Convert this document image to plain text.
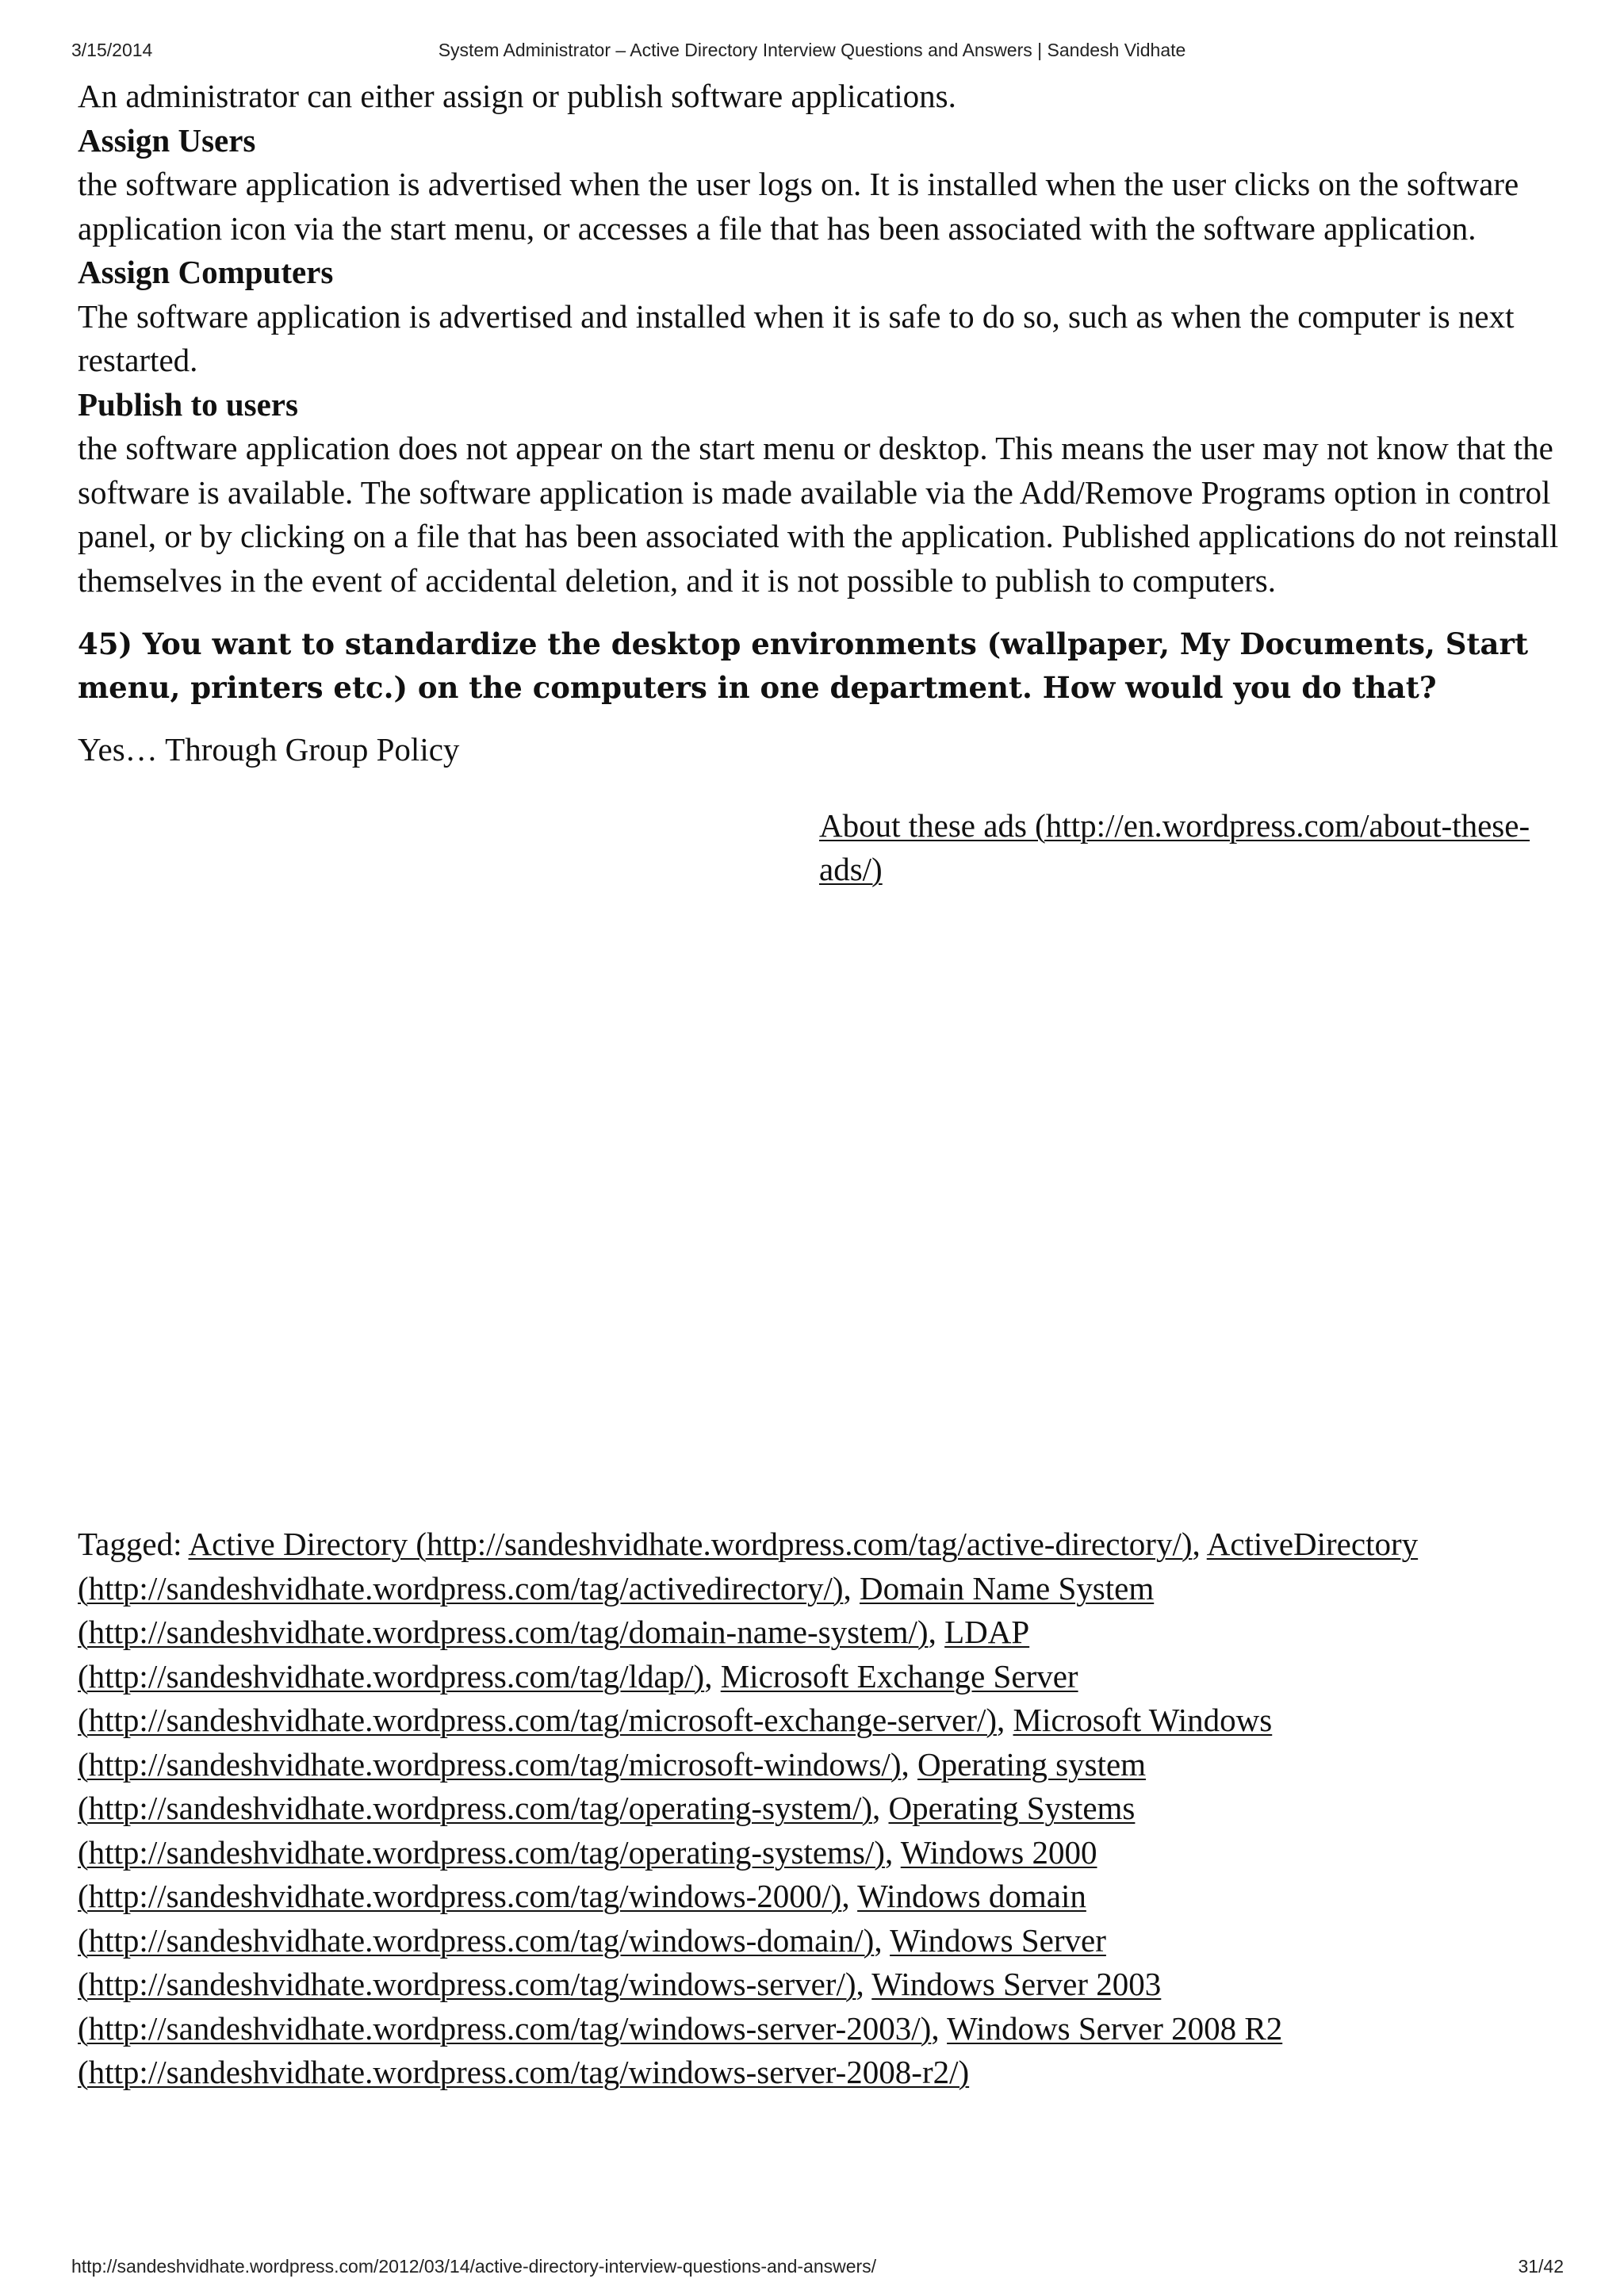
3/15/2014	System Administrator – Active Directory Interview Questions and Answers | Sandesh Vidhate

An administrator can either assign or publish software applications.

Assign Users

the software application is advertised when the user logs on. It is installed when the user clicks on the software application icon via the start menu, or accesses a file that has been associated with the software application.

Assign Computers

The software application is advertised and installed when it is safe to do so, such as when the computer is next restarted.

Publish to users

the software application does not appear on the start menu or desktop. This means the user may not know that the software is available. The software application is made available via the Add/Remove Programs option in control panel, or by clicking on a file that has been associated with the application. Published applications do not reinstall themselves in the event of accidental deletion, and it is not possible to publish to computers.

45) You want to standardize the desktop environments (wallpaper, My Documents, Start menu, printers etc.) on the computers in one department. How would you do that?

Yes… Through Group Policy

About these ads (http://en.wordpress.com/about-these-ads/)

Tagged: Active Directory (http://sandeshvidhate.wordpress.com/tag/active-directory/), ActiveDirectory (http://sandeshvidhate.wordpress.com/tag/activedirectory/), Domain Name System (http://sandeshvidhate.wordpress.com/tag/domain-name-system/), LDAP (http://sandeshvidhate.wordpress.com/tag/ldap/), Microsoft Exchange Server (http://sandeshvidhate.wordpress.com/tag/microsoft-exchange-server/), Microsoft Windows (http://sandeshvidhate.wordpress.com/tag/microsoft-windows/), Operating system (http://sandeshvidhate.wordpress.com/tag/operating-system/), Operating Systems (http://sandeshvidhate.wordpress.com/tag/operating-systems/), Windows 2000 (http://sandeshvidhate.wordpress.com/tag/windows-2000/), Windows domain (http://sandeshvidhate.wordpress.com/tag/windows-domain/), Windows Server (http://sandeshvidhate.wordpress.com/tag/windows-server/), Windows Server 2003 (http://sandeshvidhate.wordpress.com/tag/windows-server-2003/), Windows Server 2008 R2 (http://sandeshvidhate.wordpress.com/tag/windows-server-2008-r2/)
http://sandeshvidhate.wordpress.com/2012/03/14/active-directory-interview-questions-and-answers/	31/42
